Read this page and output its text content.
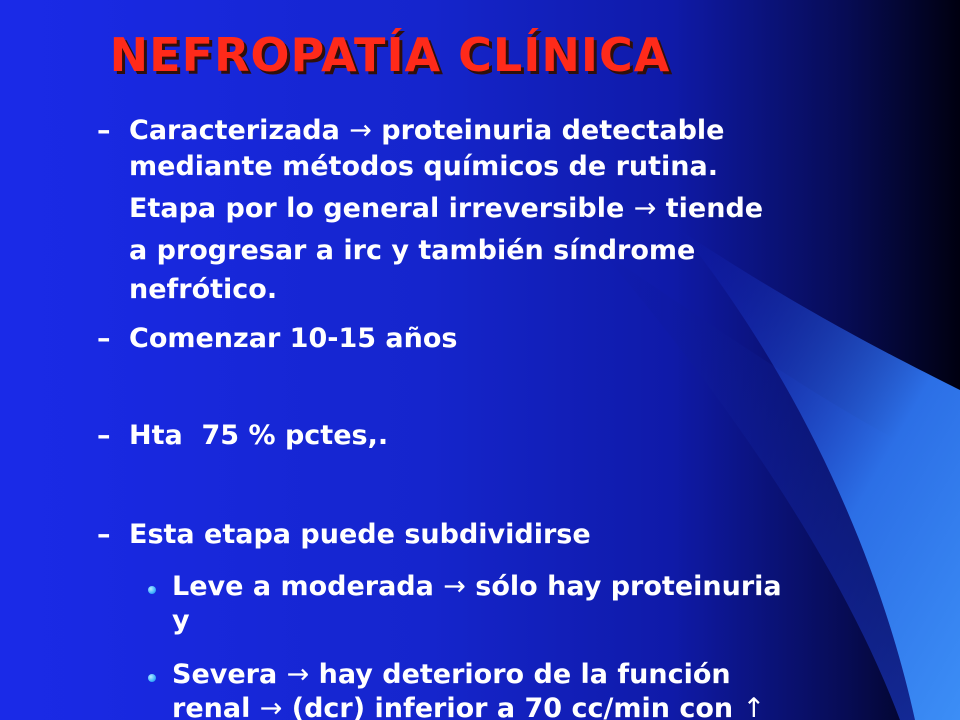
NEFROPATÍA CLÍNICA
– Caracterizada → proteinuria detectable
mediante métodos químicos de rutina.
Etapa por lo general irreversible → tiende
a progresar a irc y también síndrome
nefrótico.
– Comenzar 10-15 años
– Hta  75 % pctes,.
– Esta etapa puede subdividirse
Leve a moderada → sólo hay proteinuria
y
Severa → hay deterioro de la función
renal → (dcr) inferior a 70 cc/min con ↑
